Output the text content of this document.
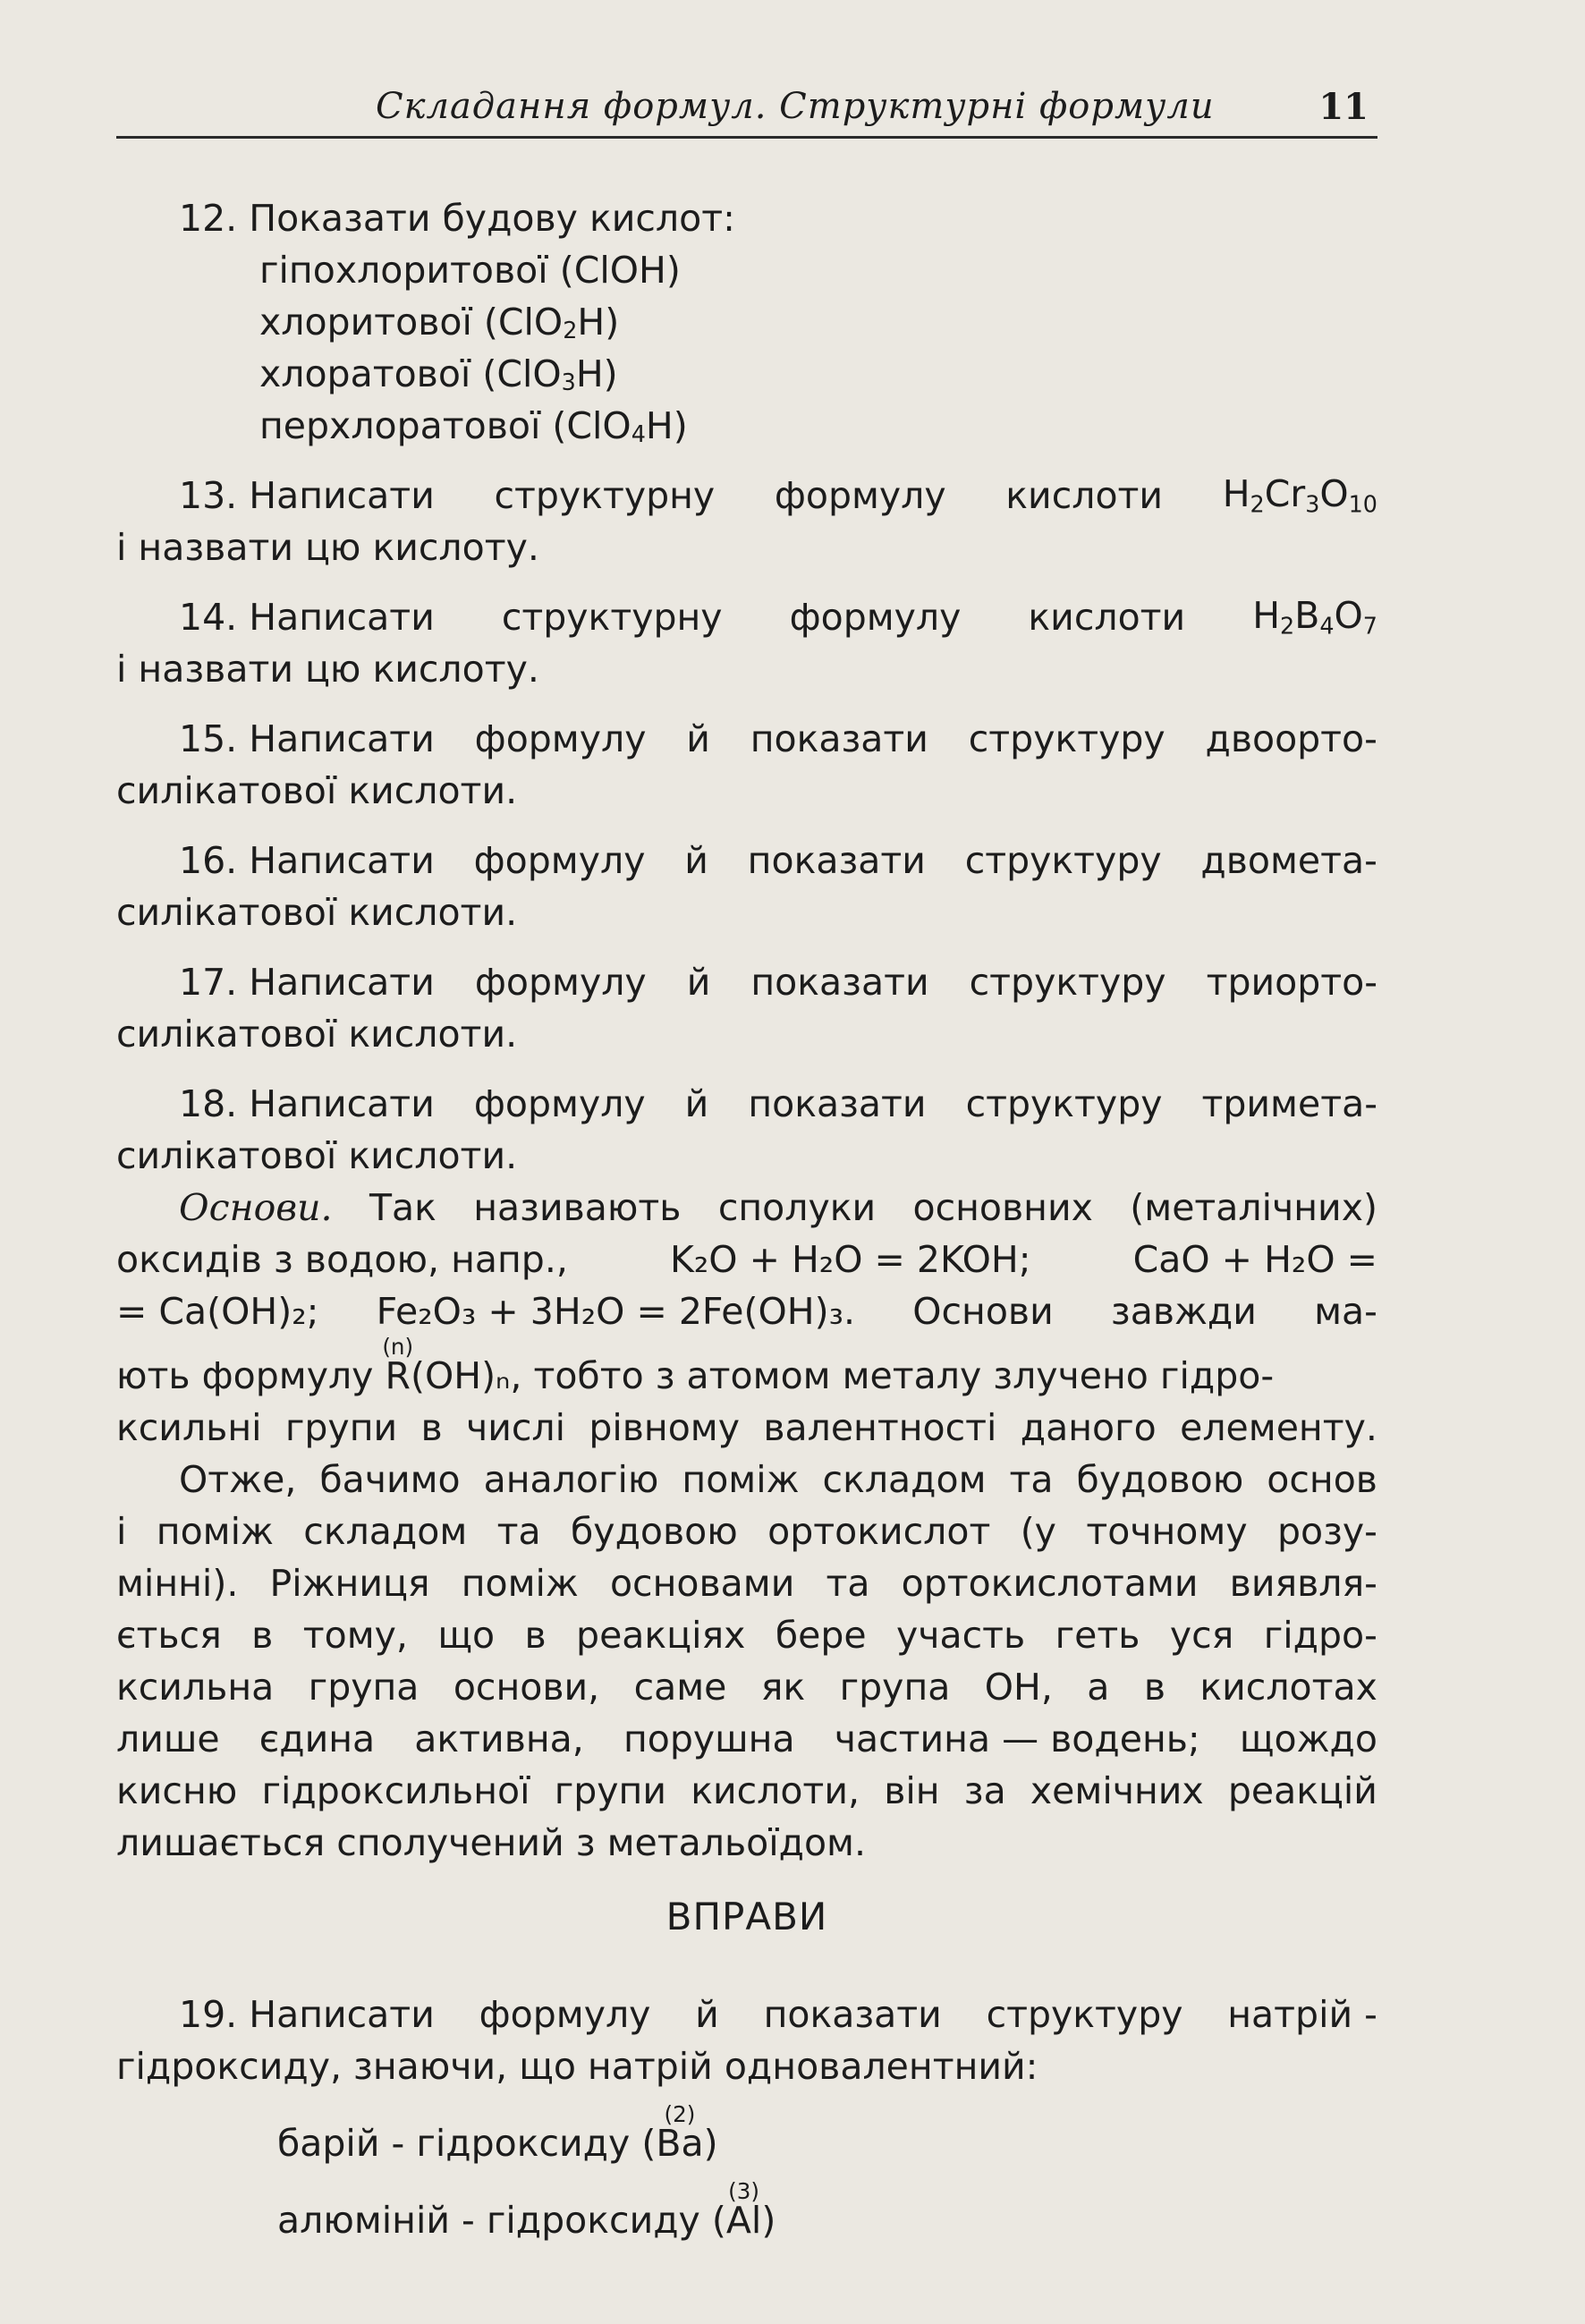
Складання формул. Структурні формули	11
12. Показати будову кислот:
гіпохлоритової
(ClOH)
хлоритової
(ClO$_2$ H)
хлоратової
(ClO$_3$ H)
перхлоратової
(ClO$_4$ H)
13. Написати структурну формулу кислоти $H_2Cr_3O_{10}$
і назвати цю кислоту.
14. Написати структурну формулу кислоти $H_2B_4O_7$
і назвати цю кислоту.
15. Написати формулу й показати структуру двоорто-
силікатової кислоти.
16. Написати формулу й показати структуру двомета-
силікатової кислоти.
17. Написати формулу й показати структуру триорто-
силікатової кислоти.
18. Написати формулу й показати структуру тримета-
силікатової кислоти.
Основи. Так називають сполуки основних (металічних)
оксидів з водою, напр.,	K₂O + H₂O = 2KOH;	CaO + H₂O =
= Ca(OH)₂; Fe₂O₃ + 3H₂O = 2Fe(OH)₃. Основи завжди ма-
ють формулу

(n)
R (OH)ₙ, тобто з атомом металу злучено гідро-
ксильні групи в числі рівному валентності даного елементу.
Отже, бачимо аналогію поміж складом та будовою основ
і поміж складом та будовою ортокислот (у точному розу-
мінні). Ріжниця поміж основами та ортокислотами виявля-
ється в тому, що в реакціях бере участь геть уся гідро-
ксильна група основи, саме як група OH, а в кислотах
лише єдина активна, порушна частина — водень; щождо
кисню гідроксильної групи кислоти, він за хемічних реакцій
лишається сполучений з метальоїдом.
ВПРАВИ
19. Написати формулу й показати структуру натрій -
гідроксиду, знаючи, що натрій одновалентний:
барій - гідроксиду
(
(2)
Ba )
алюміній - гідроксиду
(
(3)
Al )
